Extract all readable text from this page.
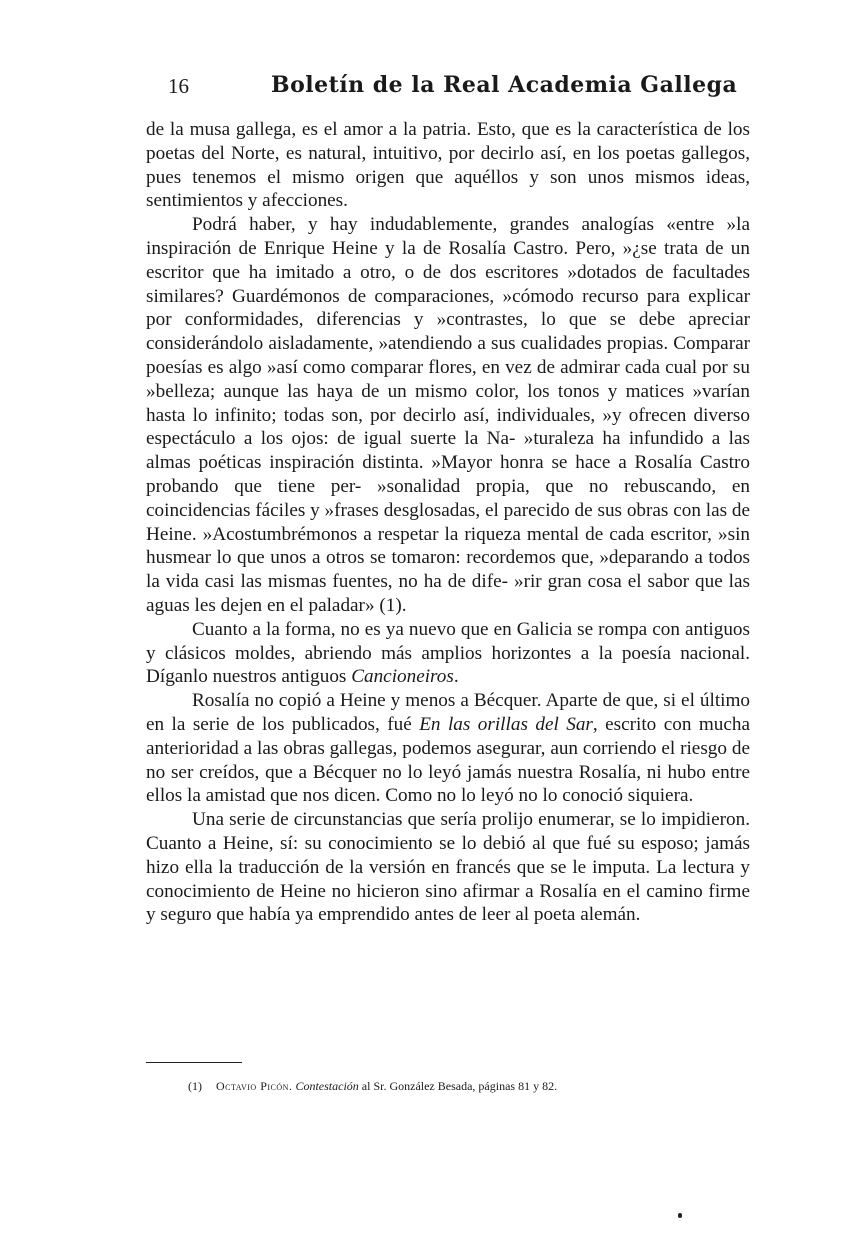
16	Boletín de la Real Academia Gallega

de la musa gallega, es el amor a la patria. Esto, que es la característica de los poetas del Norte, es natural, intuitivo, por decirlo así, en los poetas gallegos, pues tenemos el mismo origen que aquéllos y son unos mismos ideas, sentimientos y afecciones.

Podrá haber, y hay indudablemente, grandes analogías «entre »la inspiración de Enrique Heine y la de Rosalía Castro. Pero, »¿se trata de un escritor que ha imitado a otro, o de dos escritores »dotados de facultades similares? Guardémonos de comparaciones, »cómodo recurso para explicar por conformidades, diferencias y »contrastes, lo que se debe apreciar considerándolo aisladamente, »atendiendo a sus cualidades propias. Comparar poesías es algo »así como comparar flores, en vez de admirar cada cual por su »belleza; aunque las haya de un mismo color, los tonos y matices »varían hasta lo infinito; todas son, por decirlo así, individuales, »y ofrecen diverso espectáculo a los ojos: de igual suerte la Na- »turaleza ha infundido a las almas poéticas inspiración distinta. »Mayor honra se hace a Rosalía Castro probando que tiene per- »sonalidad propia, que no rebuscando, en coincidencias fáciles y »frases desglosadas, el parecido de sus obras con las de Heine. »Acostumbrémonos a respetar la riqueza mental de cada escritor, »sin husmear lo que unos a otros se tomaron: recordemos que, »deparando a todos la vida casi las mismas fuentes, no ha de dife- »rir gran cosa el sabor que las aguas les dejen en el paladar» (1).

Cuanto a la forma, no es ya nuevo que en Galicia se rompa con antiguos y clásicos moldes, abriendo más amplios horizontes a la poesía nacional. Díganlo nuestros antiguos Cancioneiros.

Rosalía no copió a Heine y menos a Bécquer. Aparte de que, si el último en la serie de los publicados, fué En las orillas del Sar, escrito con mucha anterioridad a las obras gallegas, podemos asegurar, aun corriendo el riesgo de no ser creídos, que a Bécquer no lo leyó jamás nuestra Rosalía, ni hubo entre ellos la amistad que nos dicen. Como no lo leyó no lo conoció siquiera.

Una serie de circunstancias que sería prolijo enumerar, se lo impidieron. Cuanto a Heine, sí: su conocimiento se lo debió al que fué su esposo; jamás hizo ella la traducción de la versión en francés que se le imputa. La lectura y conocimiento de Heine no hicieron sino afirmar a Rosalía en el camino firme y seguro que había ya emprendido antes de leer al poeta alemán.

(1) Octavio Picón. Contestación al Sr. González Besada, páginas 81 y 82.
